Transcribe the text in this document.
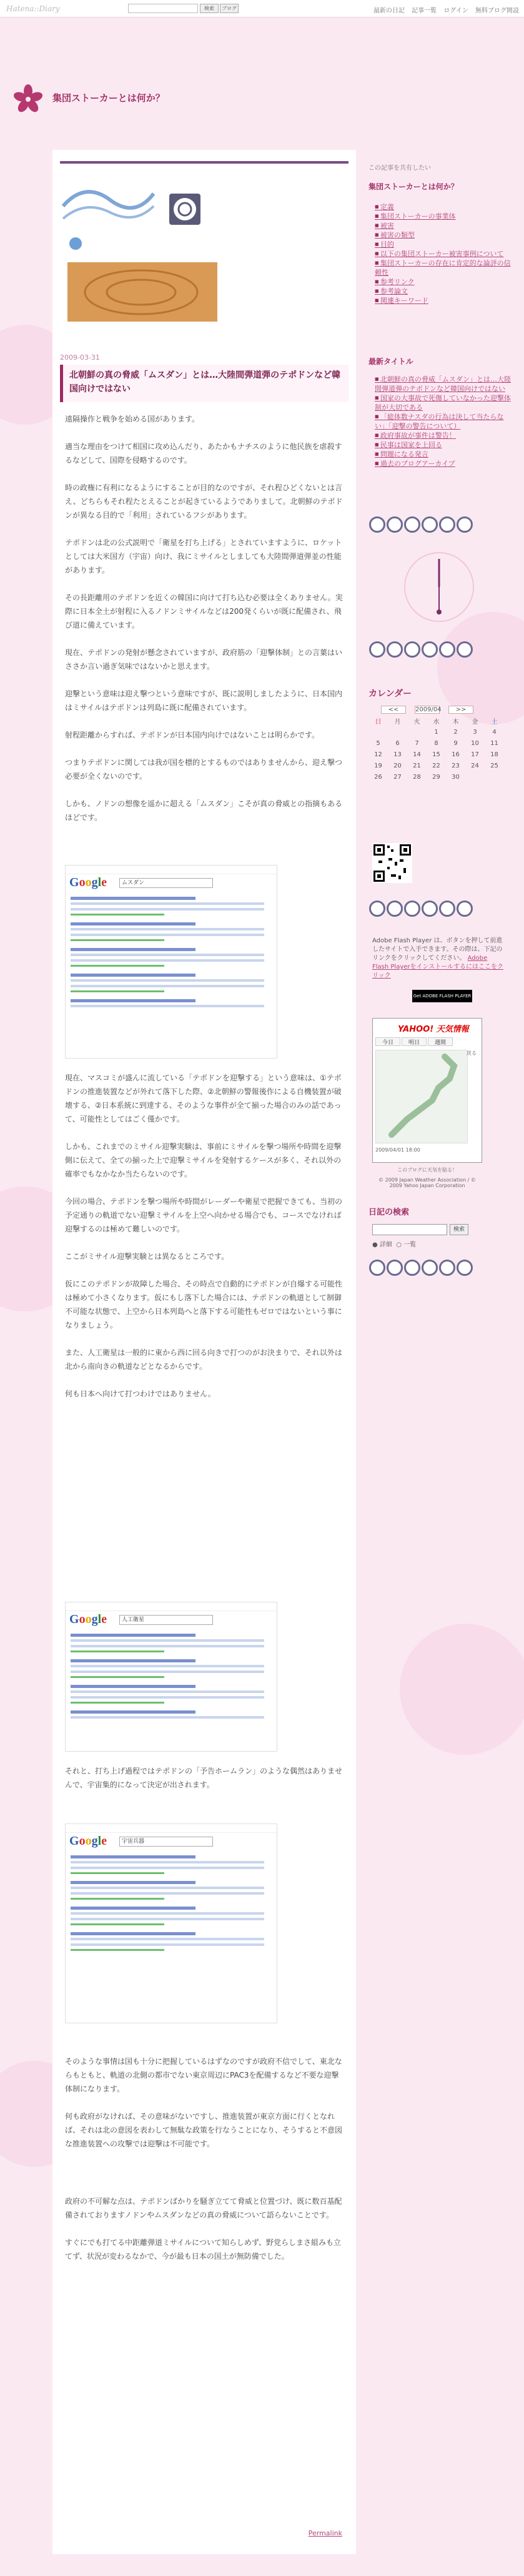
Hatena::Diary	検索	ブログ	最新の日記 記事一覧 ログイン 無料ブログ開設
集団ストーカーとは何か？
2009-03-31
北朝鮮の真の脅威「ムスダン」とは…大陸間弾道弾のテポドンなど韓国向けではない

遠隔操作と戦争を始める国があります。

適当な理由をつけて相国に攻め込んだり、あたかもナチスのように他民族を虐殺するなどして、国際を侵略するのです。

時の政権に有利になるようにすることが目的なのですが、それ程ひどくないとは言え、どちらもそれ程たとえることが起きているようでありまして。北朝鮮のテポドンが異なる目的で「利用」されているフシがあります。

テポドンは北の公式説明で「衛星を打ち上げる」とされていますように、ロケットとしては大米国方（宇宙）向け、我にミサイルとしましても大陸間弾道弾並の性能があります。

その長距離用のテポドンを近くの韓国に向けて打ち込む必要は全くありません。実際に日本全土が射程に入るノドンミサイルなどは200発くらいが既に配備され、飛び道に備えています。

現在、テポドンの発射が懸念されていますが、政府筋の「迎撃体制」との言葉はいささか言い過ぎ気味ではないかと思えます。

迎撃という意味は迎え撃つという意味ですが、既に説明しましたように、日本国内はミサイルはテポドンは列島に既に配備されています。

射程距離からすれば、テポドンが日本国内向けではないことは明らかです。

つまりテポドンに関しては我が国を標的とするものではありませんから、迎え撃つ必要が全くないのです。

しかも、ノドンの想像を遥かに超える「ムスダン」こそが真の脅威との指摘もあるほどです。

Google	ムスダン

現在、マスコミが盛んに流している「テポドンを迎撃する」という意味は、①テポドンの推進装置などが外れて落下した際、②北朝鮮の警報後作による自機装置が破壊する、②日本系統に到達する、そのような事件が全て揃った場合のみの話であって、可能性としてはごく僅かです。

しかも、これまでのミサイル迎撃実験は、事前にミサイルを撃つ場所や時間を迎撃側に伝えて、全ての揃った上で迎撃ミサイルを発射するケースが多く、それ以外の確率でもなかなか当たらないのです。

今回の場合、テポドンを撃つ場所や時間がレーダーや衛星で把握できても、当初の予定通りの軌道でない迎撃ミサイルを上空へ向かせる場合でも、コースでなければ迎撃するのは極めて難しいのです。

ここがミサイル迎撃実験とは異なるところです。

仮にこのテポドンが故障した場合、その時点で自動的にテポドンが自爆する可能性は極めて小さくなります。仮にもし落下した場合には、テポドンの軌道として制御不可能な状態で、上空から日本列島へと落下する可能性もゼロではないという事になりましょう。

また、人工衛星は一般的に東から西に回る向きで打つのがお決まりで、それ以外は北から南向きの軌道などとなるからです。

何も日本へ向けて打つわけではありません。

Google	人工衛星

それと、打ち上げ過程ではテポドンの「予告ホームラン」のような偶然はありませんで、宇宙集的になって決定が出されます。

Google	宇宙兵器

そのような事情は国も十分に把握しているはずなのですが政府不信でして、東北ならもともと、軌道の北側の都市でない東京周辺にPAC3を配備するなど不要な迎撃体制になります。

何も政府がなければ、その意味がないですし、推進装置が東京方面に行くとなれば、それは北の意図を表わして無駄な政策を行なうことになり、そうすると不意図な推進装置への攻撃では迎撃は不可能です。

政府の不可解な点は、テポドンばかりを騒ぎ立てて脅威と位置づけ、既に数百基配備されておりますノドンやムスダンなどの真の脅威について語らないことです。

すぐにでも打てる中距離弾道ミサイルについて知らしめず、野党らしまさ組みも立てず、状況が変わるなかで、今が最も日本の国土が無防備でした。

Permalink
この記事を共有したい
集団ストーカーとは何か？
■ 定義
■ 集団ストーカーの事業体
■ 被害
■ 被害の類型
■ 目的
■ 以下の集団ストーカー被害事例について
■ 集団ストーカーの存在に肯定的な論評の信頼性
■ 参考リンク
■ 参考論文
■ 関連キーワード
最新タイトル
■ 北朝鮮の真の脅威「ムスダン」とは…大陸間弾道弾のテポドンなど韓国向けではない
■ 国家の大事故で死傷していなかった迎撃体制が大切である
■ 「総体数ナスダの行為は決して当たらない」「迎撃の警告について）
■ 政府事故が事件は警告！
■ 民事は国家を上回る
■ 問題になる発言
■ 過去のブログアーカイブ
カレンダー
<<	2009/04 >>
日	月	火	水	木	金	土
			1	2	3	4
5	6	7	8	9	10	11
12	13	14	15	16	17	18
19	20	21	22	23	24	25
26	27	28	29	30		
Adobe Flash Player は、ボタンを押して前進したサイトで入手できます。その際は、下記のリンクをクリックしてください。 Adobe Flash Playerをインストールするにはここをクリック
Get ADOBE FLASH PLAYER
YAHOO! 天気情報
今日	明日	週間
戻る
2009/04/01 18:00
このブログに天気を貼る！
© 2009 Japan Weather Association / © 2009 Yahoo Japan Corporation
日記の検索
検索
● 詳細 ○ 一覧
